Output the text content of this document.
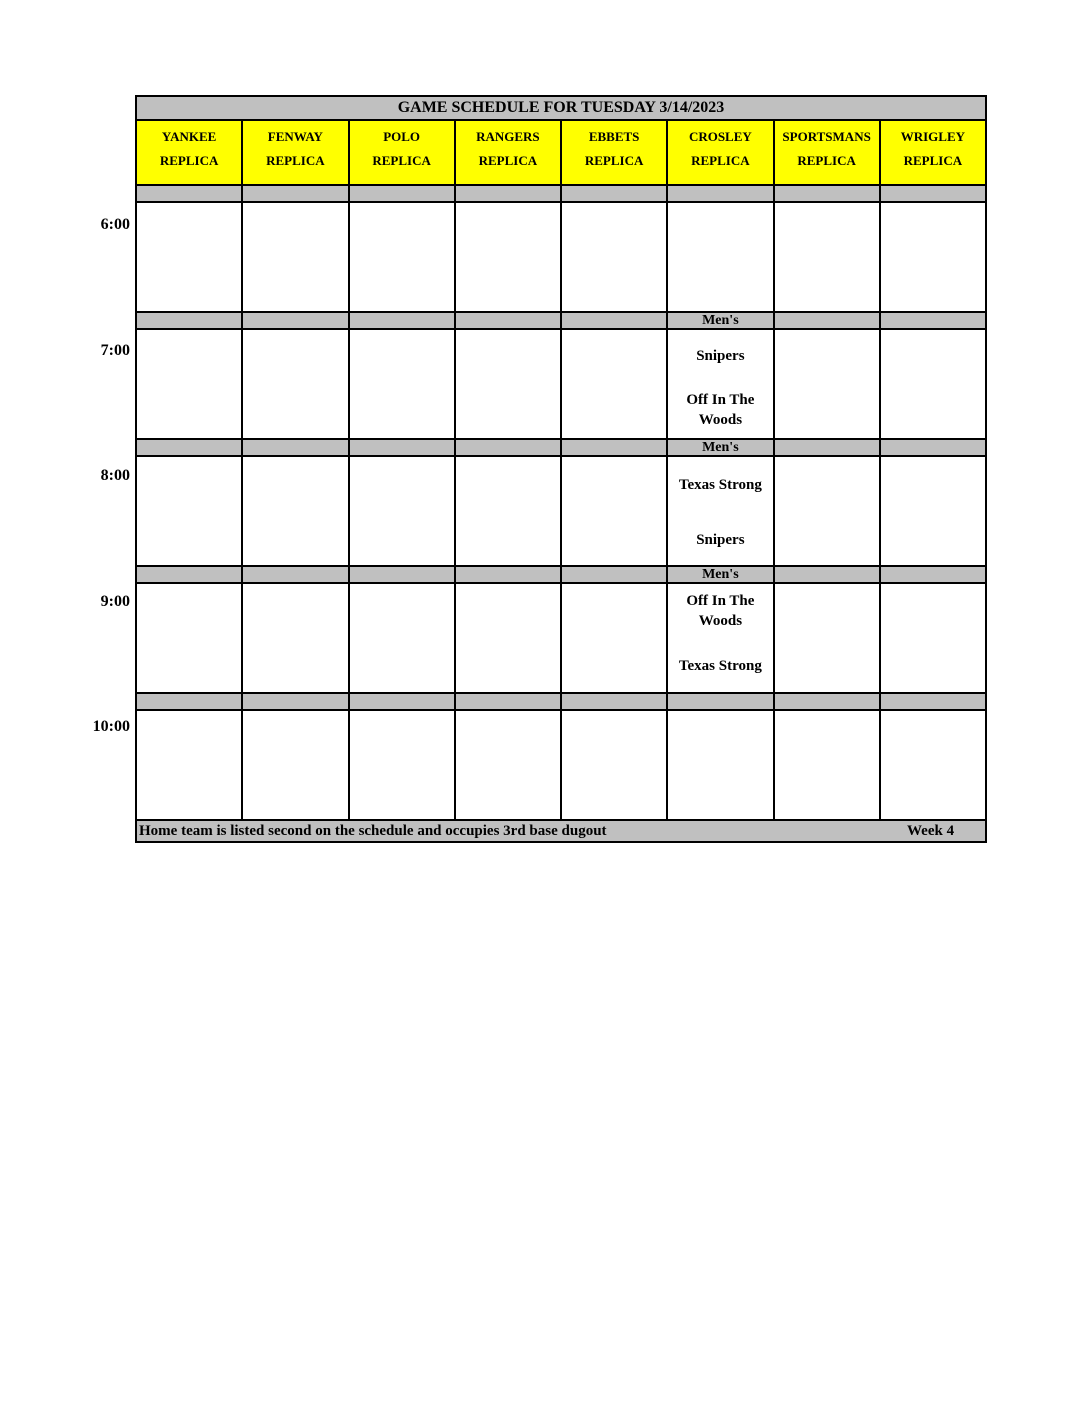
GAME SCHEDULE FOR TUESDAY 3/14/2023
YANKEE
REPLICA
FENWAY
REPLICA
POLO
REPLICA
RANGERS
REPLICA
EBBETS
REPLICA
CROSLEY
REPLICA
SPORTSMANS
REPLICA
WRIGLEY
REPLICA
Men's
Snipers
Off In The Woods
Men's
Texas Strong
Snipers
Men's
Off In The Woods
Texas Strong
Home team is listed second on the schedule and occupies 3rd base dugout	Week 4
6:00
7:00
8:00
9:00
10:00
